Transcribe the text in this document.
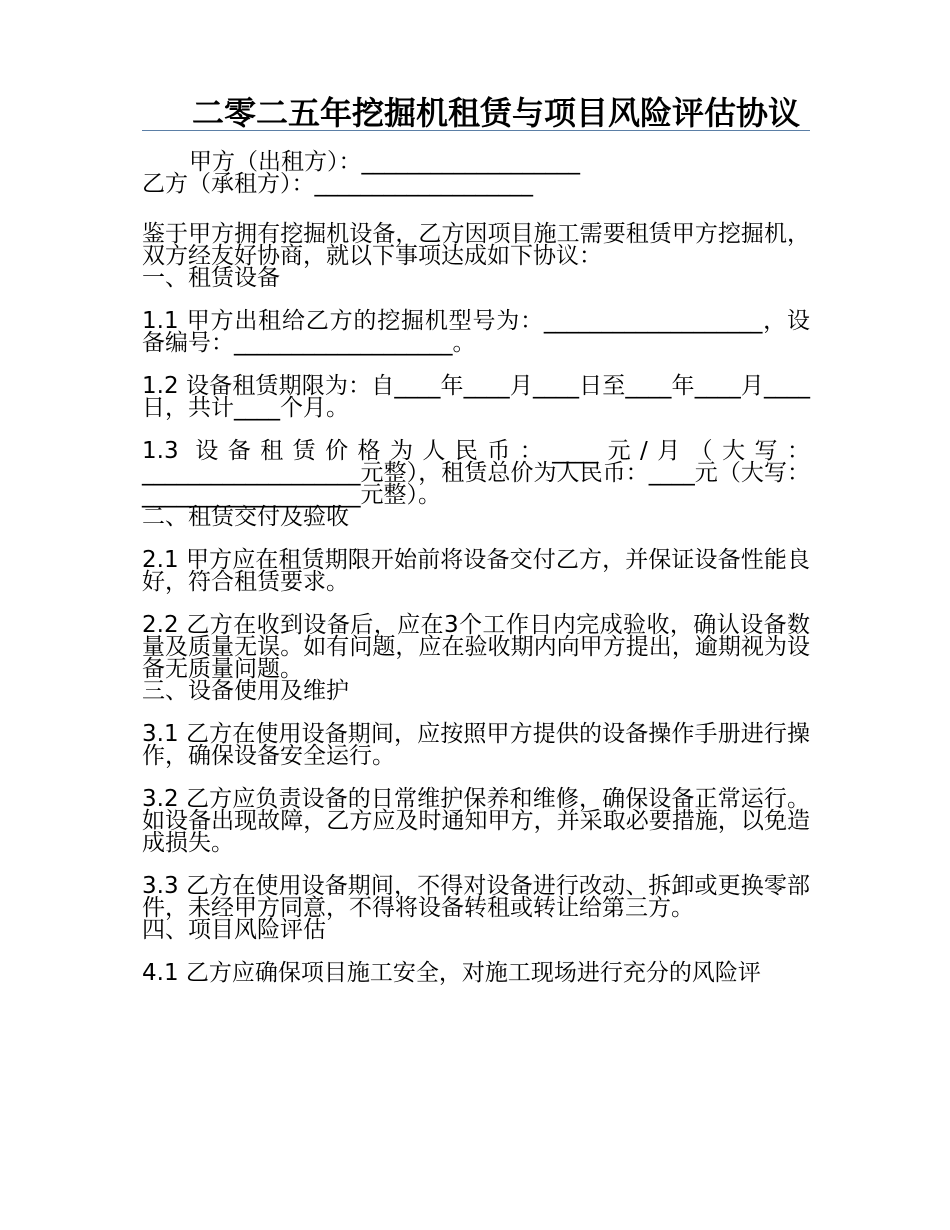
二零二五年挖掘机租赁与项目风险评估协议

甲方（出租方）：___________________

乙方（承租方）：___________________

鉴于甲方拥有挖掘机设备，乙方因项目施工需要租赁甲方挖掘机，双方经友好协商，就以下事项达成如下协议：

一、租赁设备

1.1 甲方出租给乙方的挖掘机型号为：___________________，设备编号：___________________。

1.2 设备租赁期限为：自____年____月____日至____年____月____日，共计____个月。

1.3 设备租赁价格为人民币：____元/月（大写：___________________元整），租赁总价为人民币：____元（大写：___________________元整）。

二、租赁交付及验收

2.1 甲方应在租赁期限开始前将设备交付乙方，并保证设备性能良好，符合租赁要求。

2.2 乙方在收到设备后，应在3个工作日内完成验收，确认设备数量及质量无误。如有问题，应在验收期内向甲方提出，逾期视为设备无质量问题。

三、设备使用及维护

3.1 乙方在使用设备期间，应按照甲方提供的设备操作手册进行操作，确保设备安全运行。

3.2 乙方应负责设备的日常维护保养和维修，确保设备正常运行。如设备出现故障，乙方应及时通知甲方，并采取必要措施，以免造成损失。

3.3 乙方在使用设备期间，不得对设备进行改动、拆卸或更换零部件，未经甲方同意，不得将设备转租或转让给第三方。

四、项目风险评估

4.1 乙方应确保项目施工安全，对施工现场进行充分的风险评
